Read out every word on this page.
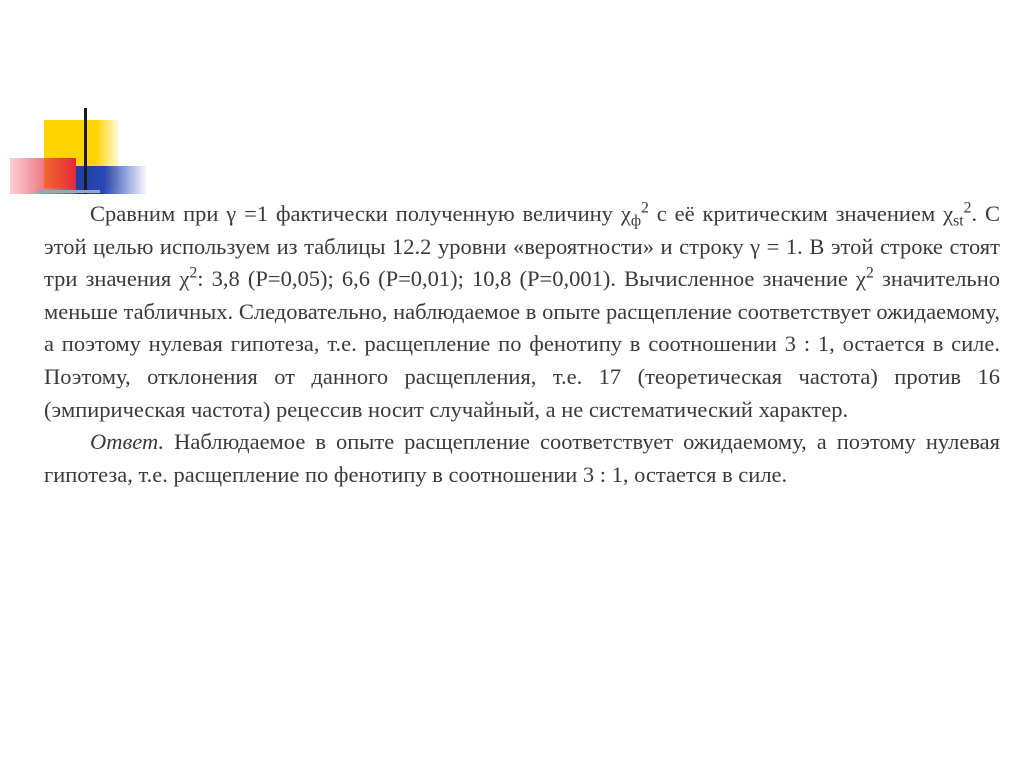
Сравним при γ =1 фактически полученную величину $\chi_ф^2$ с её критическим значением $\chi_{st}^2$. С этой целью используем из таблицы 12.2 уровни «вероятности» и строку γ = 1. В этой строке стоят три значения $\chi^2$: 3,8 (Р=0,05); 6,6 (Р=0,01); 10,8 (Р=0,001). Вычисленное значение $\chi^2$ значительно меньше табличных. Следовательно, наблюдаемое в опыте расщепление соответствует ожидаемому, а поэтому нулевая гипотеза, т.е. расщепление по фенотипу в соотношении 3 : 1, остается в силе. Поэтому, отклонения от данного расщепления, т.е. 17 (теоретическая частота) против 16 (эмпирическая частота) рецессив носит случайный, а не систематический характер.

Ответ. Наблюдаемое в опыте расщепление соответствует ожидаемому, а поэтому нулевая гипотеза, т.е. расщепление по фенотипу в соотношении 3 : 1, остается в силе.
